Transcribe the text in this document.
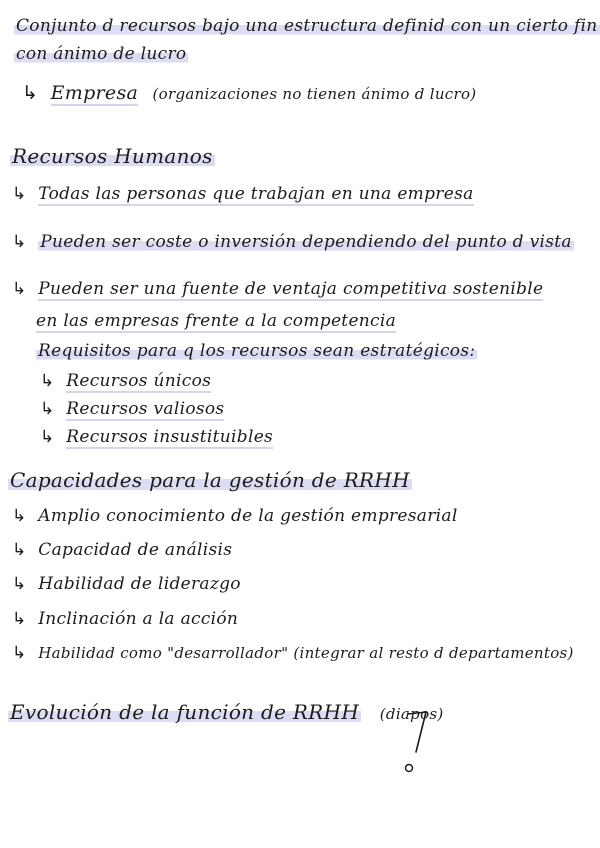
Conjunto d recursos bajo una estructura definid con un cierto fin
con ánimo de lucro
↳ Empresa (organizaciones no tienen ánimo d lucro)
Recursos Humanos
↳ Todas las personas que trabajan en una empresa
↳ Pueden ser coste o inversión dependiendo del punto d vista
↳ Pueden ser una fuente de ventaja competitiva sostenible
en las empresas frente a la competencia
Requisitos para q los recursos sean estratégicos:
↳ Recursos únicos
↳ Recursos valiosos
↳ Recursos insustituibles
Capacidades para la gestión de RRHH
↳ Amplio conocimiento de la gestión empresarial
↳ Capacidad de análisis
↳ Habilidad de liderazgo
↳ Inclinación a la acción
↳ Habilidad como "desarrollador" (integrar al resto d departamentos)
Evolución de la función de RRHH (diapos)
